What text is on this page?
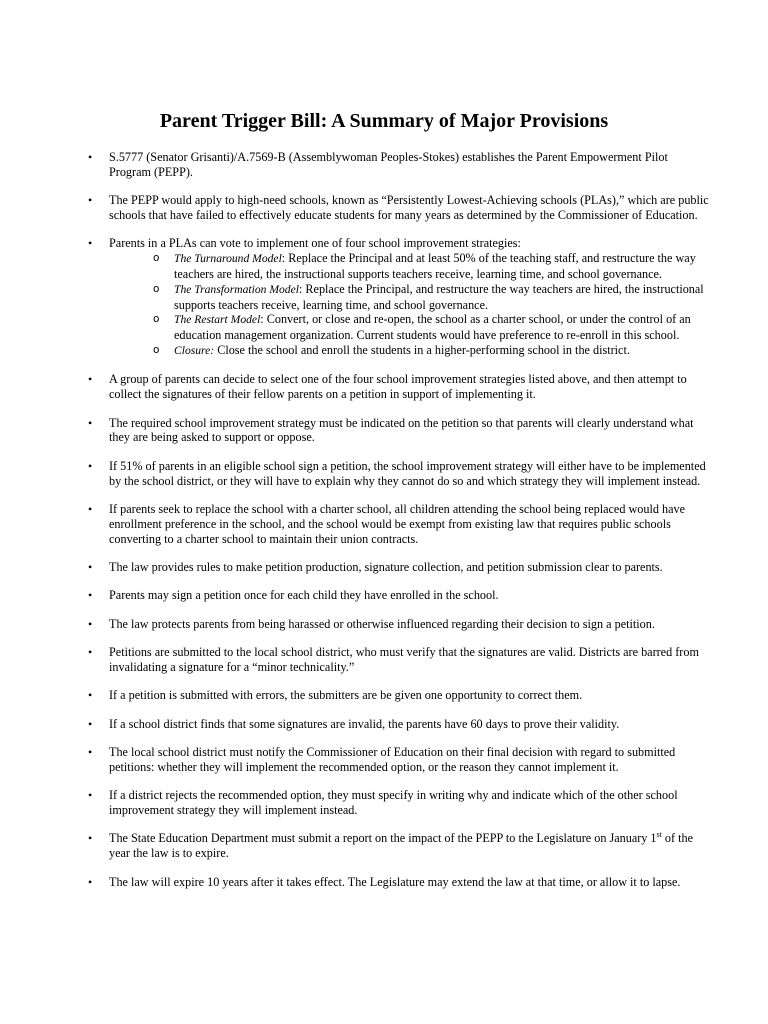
Parent Trigger Bill: A Summary of Major Provisions
• S.5777 (Senator Grisanti)/A.7569-B (Assemblywoman Peoples-Stokes) establishes the Parent Empowerment Pilot Program (PEPP).
• The PEPP would apply to high-need schools, known as “Persistently Lowest-Achieving schools (PLAs),” which are public schools that have failed to effectively educate students for many years as determined by the Commissioner of Education.
• Parents in a PLAs can vote to implement one of four school improvement strategies:
o The Turnaround Model: Replace the Principal and at least 50% of the teaching staff, and restructure the way teachers are hired, the instructional supports teachers receive, learning time, and school governance.
o The Transformation Model: Replace the Principal, and restructure the way teachers are hired, the instructional supports teachers receive, learning time, and school governance.
o The Restart Model: Convert, or close and re-open, the school as a charter school, or under the control of an education management organization. Current students would have preference to re-enroll in this school.
o Closure: Close the school and enroll the students in a higher-performing school in the district.
• A group of parents can decide to select one of the four school improvement strategies listed above, and then attempt to collect the signatures of their fellow parents on a petition in support of implementing it.
• The required school improvement strategy must be indicated on the petition so that parents will clearly understand what they are being asked to support or oppose.
• If 51% of parents in an eligible school sign a petition, the school improvement strategy will either have to be implemented by the school district, or they will have to explain why they cannot do so and which strategy they will implement instead.
• If parents seek to replace the school with a charter school, all children attending the school being replaced would have enrollment preference in the school, and the school would be exempt from existing law that requires public schools converting to a charter school to maintain their union contracts.
• The law provides rules to make petition production, signature collection, and petition submission clear to parents.
• Parents may sign a petition once for each child they have enrolled in the school.
• The law protects parents from being harassed or otherwise influenced regarding their decision to sign a petition.
• Petitions are submitted to the local school district, who must verify that the signatures are valid. Districts are barred from invalidating a signature for a “minor technicality.”
• If a petition is submitted with errors, the submitters are be given one opportunity to correct them.
• If a school district finds that some signatures are invalid, the parents have 60 days to prove their validity.
• The local school district must notify the Commissioner of Education on their final decision with regard to submitted petitions: whether they will implement the recommended option, or the reason they cannot implement it.
• If a district rejects the recommended option, they must specify in writing why and indicate which of the other school improvement strategy they will implement instead.
• The State Education Department must submit a report on the impact of the PEPP to the Legislature on January 1st of the year the law is to expire.
• The law will expire 10 years after it takes effect. The Legislature may extend the law at that time, or allow it to lapse.
